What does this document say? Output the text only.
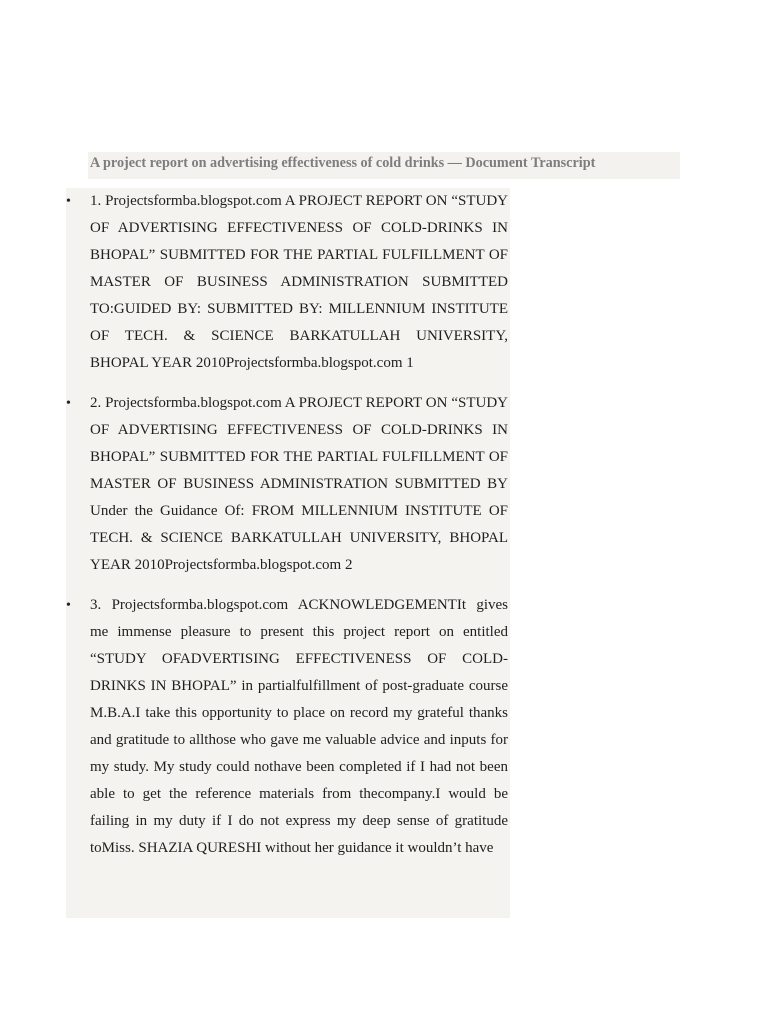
A project report on advertising effectiveness of cold drinks — Document Transcript
• 1. Projectsformba.blogspot.com A PROJECT REPORT ON “STUDY OF ADVERTISING EFFECTIVENESS OF COLD-DRINKS IN BHOPAL” SUBMITTED FOR THE PARTIAL FULFILLMENT OF MASTER OF BUSINESS ADMINISTRATION SUBMITTED TO:GUIDED BY: SUBMITTED BY: MILLENNIUM INSTITUTE OF TECH. & SCIENCE BARKATULLAH UNIVERSITY, BHOPAL YEAR 2010Projectsformba.blogspot.com 1
• 2. Projectsformba.blogspot.com A PROJECT REPORT ON “STUDY OF ADVERTISING EFFECTIVENESS OF COLD-DRINKS IN BHOPAL” SUBMITTED FOR THE PARTIAL FULFILLMENT OF MASTER OF BUSINESS ADMINISTRATION SUBMITTED BY Under the Guidance Of: FROM MILLENNIUM INSTITUTE OF TECH. & SCIENCE BARKATULLAH UNIVERSITY, BHOPAL YEAR 2010Projectsformba.blogspot.com 2
• 3. Projectsformba.blogspot.com ACKNOWLEDGEMENTIt gives me immense pleasure to present this project report on entitled “STUDY OFADVERTISING EFFECTIVENESS OF COLD-DRINKS IN BHOPAL” in partialfulfillment of post-graduate course M.B.A.I take this opportunity to place on record my grateful thanks and gratitude to allthose who gave me valuable advice and inputs for my study. My study could nothave been completed if I had not been able to get the reference materials from thecompany.I would be failing in my duty if I do not express my deep sense of gratitude toMiss. SHAZIA QURESHI without her guidance it wouldn’t have
